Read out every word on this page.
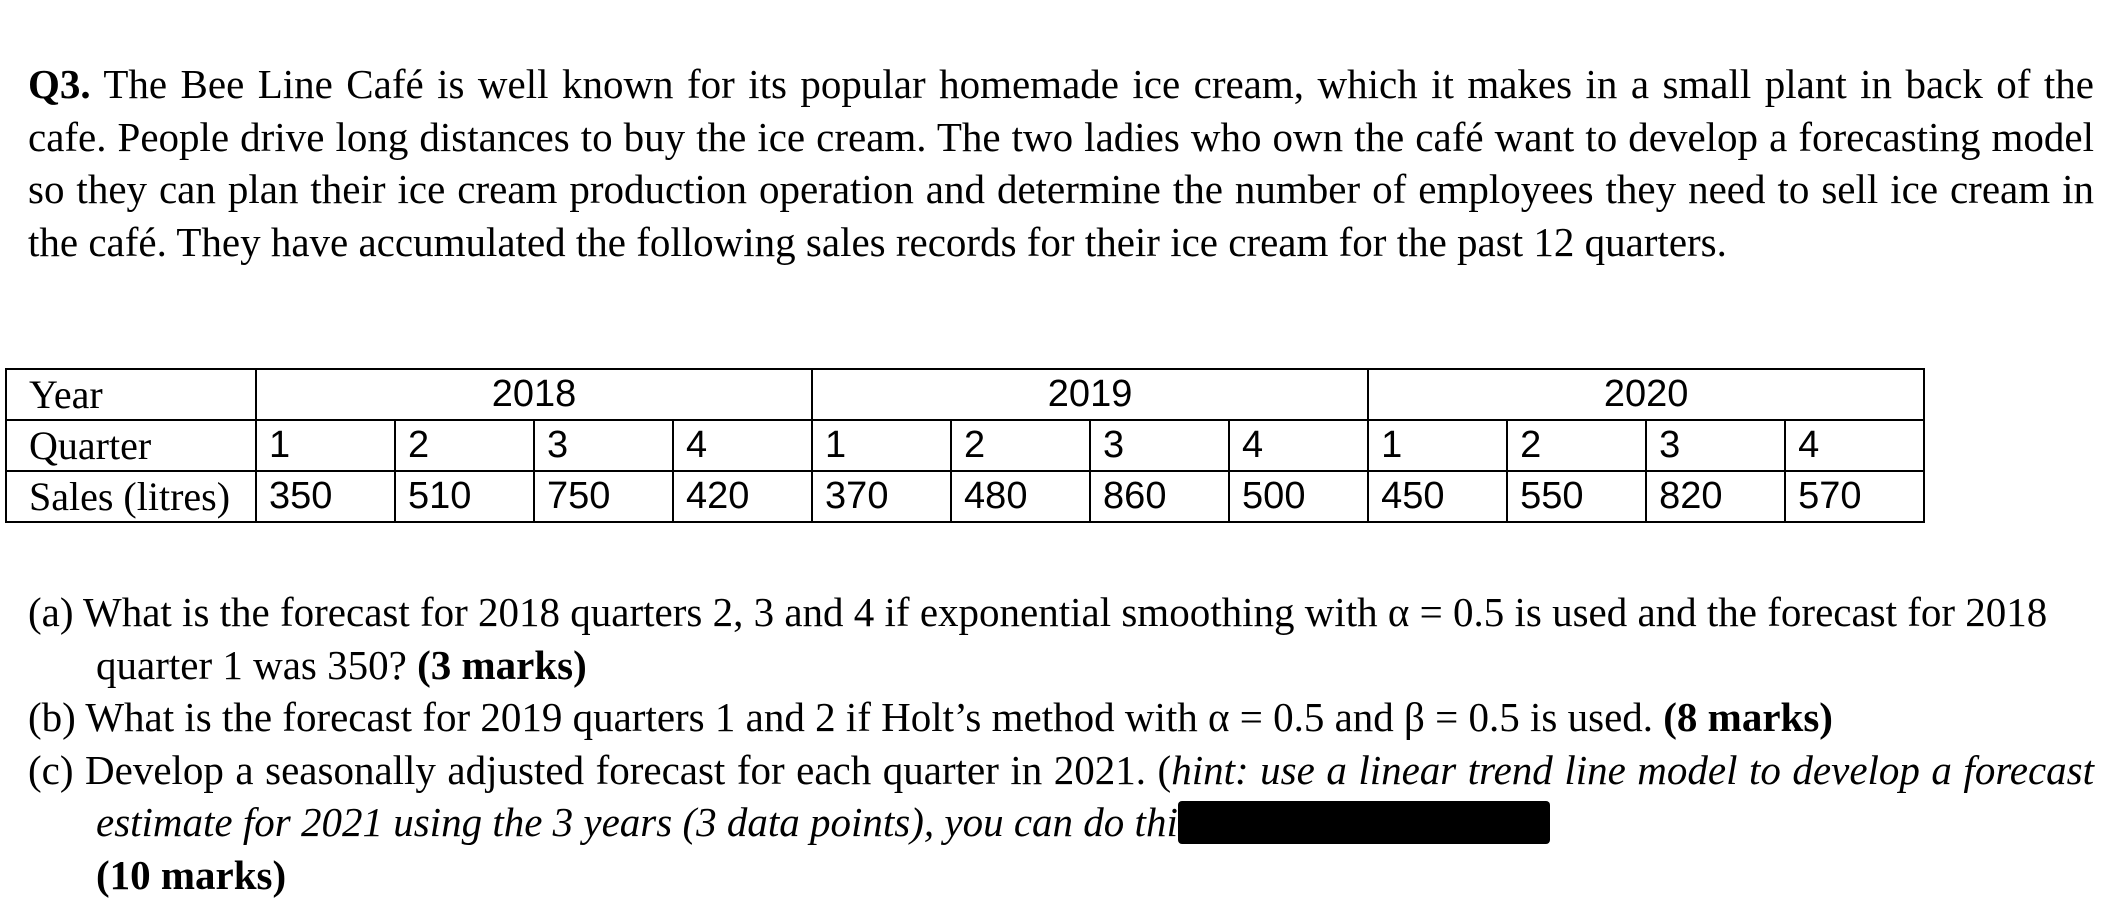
Q3. The Bee Line Café is well known for its popular homemade ice cream, which it makes in a small plant in back of the cafe. People drive long distances to buy the ice cream. The two ladies who own the café want to develop a forecasting model so they can plan their ice cream production operation and determine the number of employees they need to sell ice cream in the café. They have accumulated the following sales records for their ice cream for the past 12 quarters.

Year	2018				2019				2020			
Quarter	1	2	3	4	1	2	3	4	1	2	3	4
Sales (litres)	350	510	750	420	370	480	860	500	450	550	820	570
(a) What is the forecast for 2018 quarters 2, 3 and 4 if exponential smoothing with α = 0.5 is used and the forecast for 2018 quarter 1 was 350? (3 marks)
(b) What is the forecast for 2019 quarters 1 and 2 if Holt’s method with α = 0.5 and β = 0.5 is used. (8 marks)
(c) Develop a seasonally adjusted forecast for each quarter in 2021. (hint: use a linear trend line model to develop a forecast estimate for 2021 using the 3 years (3 data points), you can do thi
(10 marks)
